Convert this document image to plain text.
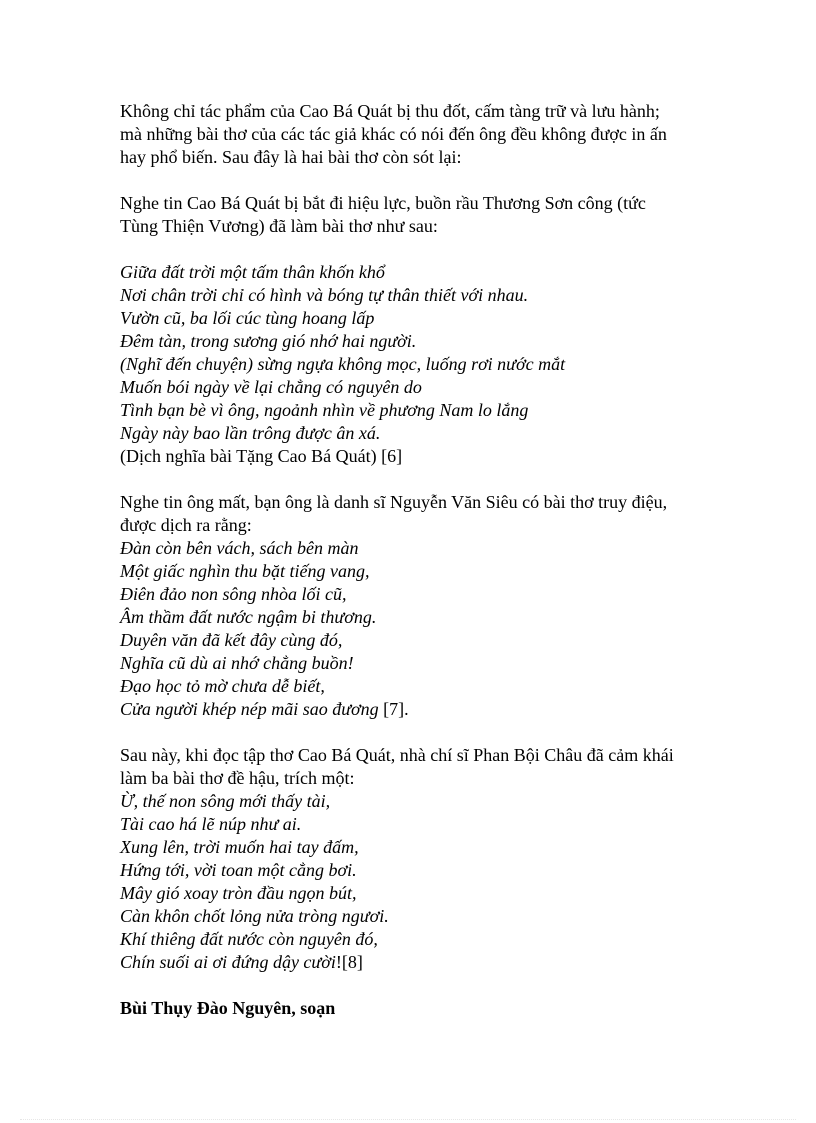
Không chỉ tác phẩm của Cao Bá Quát bị thu đốt, cấm tàng trữ và lưu hành;
mà những bài thơ của các tác giả khác có nói đến ông đều không được in ấn
hay phổ biến. Sau đây là hai bài thơ còn sót lại:
Nghe tin Cao Bá Quát bị bắt đi hiệu lực, buồn rầu Thương Sơn công (tức
Tùng Thiện Vương) đã làm bài thơ như sau:
Giữa đất trời một tấm thân khốn khổ
Nơi chân trời chỉ có hình và bóng tự thân thiết với nhau.
Vườn cũ, ba lối cúc tùng hoang lấp
Đêm tàn, trong sương gió nhớ hai người.
(Nghĩ đến chuyện) sừng ngựa không mọc, luống rơi nước mắt
Muốn bói ngày về lại chẳng có nguyên do
Tình bạn bè vì ông, ngoảnh nhìn về phương Nam lo lắng
Ngày này bao lần trông được ân xá.
(Dịch nghĩa bài Tặng Cao Bá Quát) [6]
Nghe tin ông mất, bạn ông là danh sĩ Nguyễn Văn Siêu có bài thơ truy điệu,
được dịch ra rằng:
Đàn còn bên vách, sách bên màn
Một giấc nghìn thu bặt tiếng vang,
Điên đảo non sông nhòa lối cũ,
Âm thầm đất nước ngậm bi thương.
Duyên văn đã kết đây cùng đó,
Nghĩa cũ dù ai nhớ chẳng buồn!
Đạo học tỏ mờ chưa dễ biết,
Cửa người khép nép mãi sao đương [7].
Sau này, khi đọc tập thơ Cao Bá Quát, nhà chí sĩ Phan Bội Châu đã cảm khái
làm ba bài thơ đề hậu, trích một:
Ừ, thế non sông mới thấy tài,
Tài cao há lẽ núp như ai.
Xung lên, trời muốn hai tay đấm,
Hứng tới, vời toan một cẳng bơi.
Mây gió xoay tròn đầu ngọn bút,
Càn khôn chốt lỏng nửa tròng ngươi.
Khí thiêng đất nước còn nguyên đó,
Chín suối ai ơi đứng dậy cười![8]
Bùi Thụy Đào Nguyên, soạn
